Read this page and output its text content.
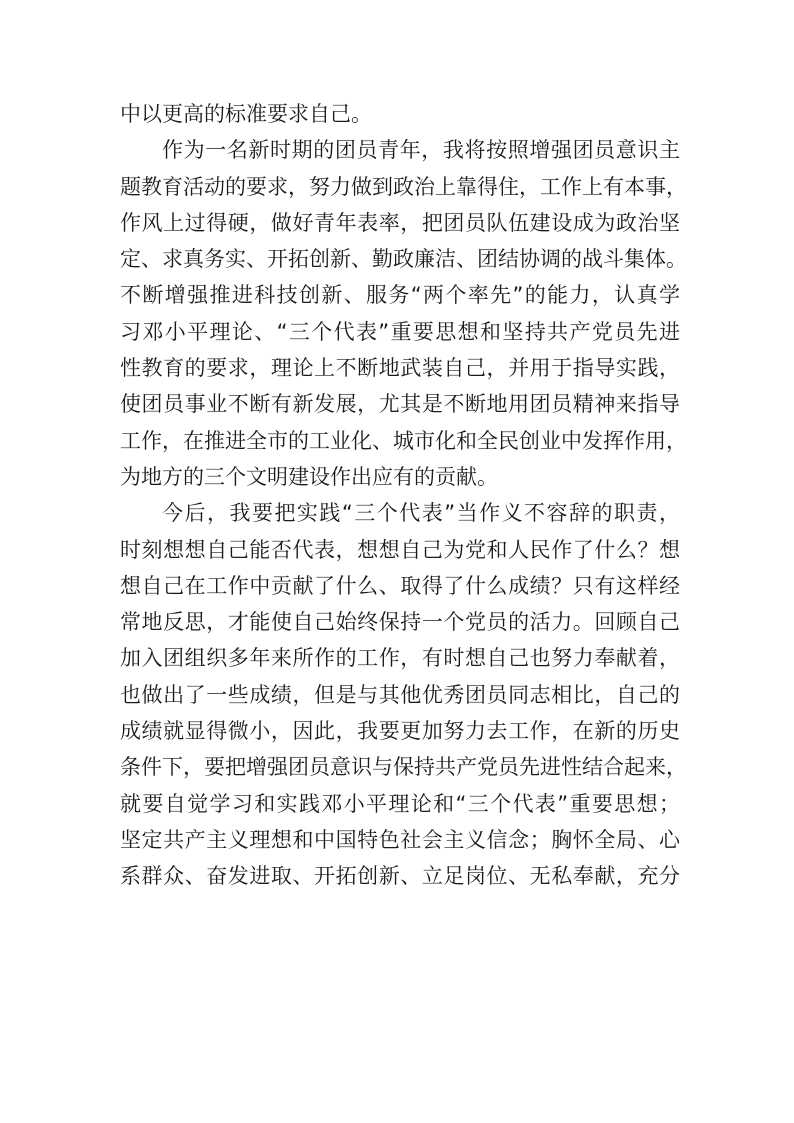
中以更高的标准要求自己。
作为一名新时期的团员青年，我将按照增强团员意识主
题教育活动的要求，努力做到政治上靠得住，工作上有本事，
作风上过得硬，做好青年表率，把团员队伍建设成为政治坚
定、求真务实、开拓创新、勤政廉洁、团结协调的战斗集体。
不断增强推进科技创新、服务“两个率先”的能力，认真学
习邓小平理论、“三个代表”重要思想和坚持共产党员先进
性教育的要求，理论上不断地武装自己，并用于指导实践，
使团员事业不断有新发展，尤其是不断地用团员精神来指导
工作，在推进全市的工业化、城市化和全民创业中发挥作用，
为地方的三个文明建设作出应有的贡献。
今后，我要把实践“三个代表”当作义不容辞的职责，
时刻想想自己能否代表，想想自己为党和人民作了什么？想
想自己在工作中贡献了什么、取得了什么成绩？只有这样经
常地反思，才能使自己始终保持一个党员的活力。回顾自己
加入团组织多年来所作的工作，有时想自己也努力奉献着，
也做出了一些成绩，但是与其他优秀团员同志相比，自己的
成绩就显得微小，因此，我要更加努力去工作，在新的历史
条件下，要把增强团员意识与保持共产党员先进性结合起来，
就要自觉学习和实践邓小平理论和“三个代表”重要思想；
坚定共产主义理想和中国特色社会主义信念；胸怀全局、心
系群众、奋发进取、开拓创新、立足岗位、无私奉献，充分
